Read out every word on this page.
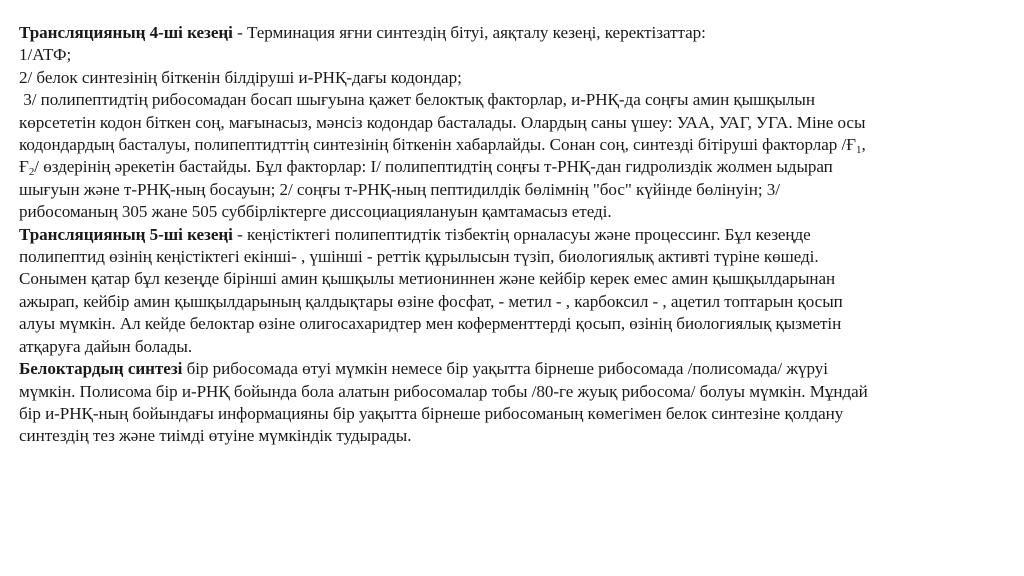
Трансляцияның 4-ші кезеңі - Терминация яғни синтездің бітуі, аяқталу кезеңі, керектізаттар:
1/АТФ;
2/ белок синтезінің біткенін білдіруші и-РНҚ-дағы кодондар;
3/ полипептидтің рибосомадан босап шығуына қажет белоктық факторлар, и-РНҚ-да соңғы амин қышқылын
көрсететін кодон біткен соң, мағынасыз, мәнсіз кодондар басталады. Олардың саны үшеу: УАА, УАГ, УГА. Міне осы
кодондардың басталуы, полипептидттің синтезінің біткенін хабарлайды. Сонан соң, синтезді бітіруші факторлар $/Ғ_1$,
$Ғ_2/$ өздерінің әрекетін бастайды. Бұл факторлар: І/ полипептидтің соңғы т-РНҚ-дан гидролиздік жолмен ыдырап
шығуын және т-РНҚ-ның босауын; 2/ соңғы т-РНҚ-ның пептидилдік бөлімнің "бос" күйінде бөлінуін; 3/
рибосоманың 305 жане 505 суббірліктерге диссоциациялануын қамтамасыз етеді.
Трансляцияның 5-ші кезеңі - кеңістіктегі полипептидтік тізбектің орналасуы және процессинг. Бұл кезеңде
полипептид өзінің кеңістіктегі екінші- , үшінші - реттік құрылысын түзіп, биологиялық активті түріне көшеді.
Сонымен қатар бұл кезеңде бірінші амин қышқылы метиониннен және кейбір керек емес амин қышқылдарынан
ажырап, кейбір амин қышқылдарының қалдықтары өзіне фосфат, - метил - , карбоксил - , ацетил топтарын қосып
алуы мүмкін. Ал кейде белоктар өзіне олигосахаридтер мен коферменттерді қосып, өзінің биологиялық қызметін
атқаруға дайын болады.
Белоктардың синтезі бір рибосомада өтуі мүмкін немесе бір уақытта бірнеше рибосомада /полисомада/ жүруі
мүмкін. Полисома бір и-РНҚ бойында бола алатын рибосомалар тобы /80-ге жуық рибосома/ болуы мүмкін. Мұндай
бір и-РНҚ-ның бойындағы информацияны бір уақытта бірнеше рибосоманың көмегімен белок синтезіне қолдану
синтездің тез және тиімді өтуіне мүмкіндік тудырады.
